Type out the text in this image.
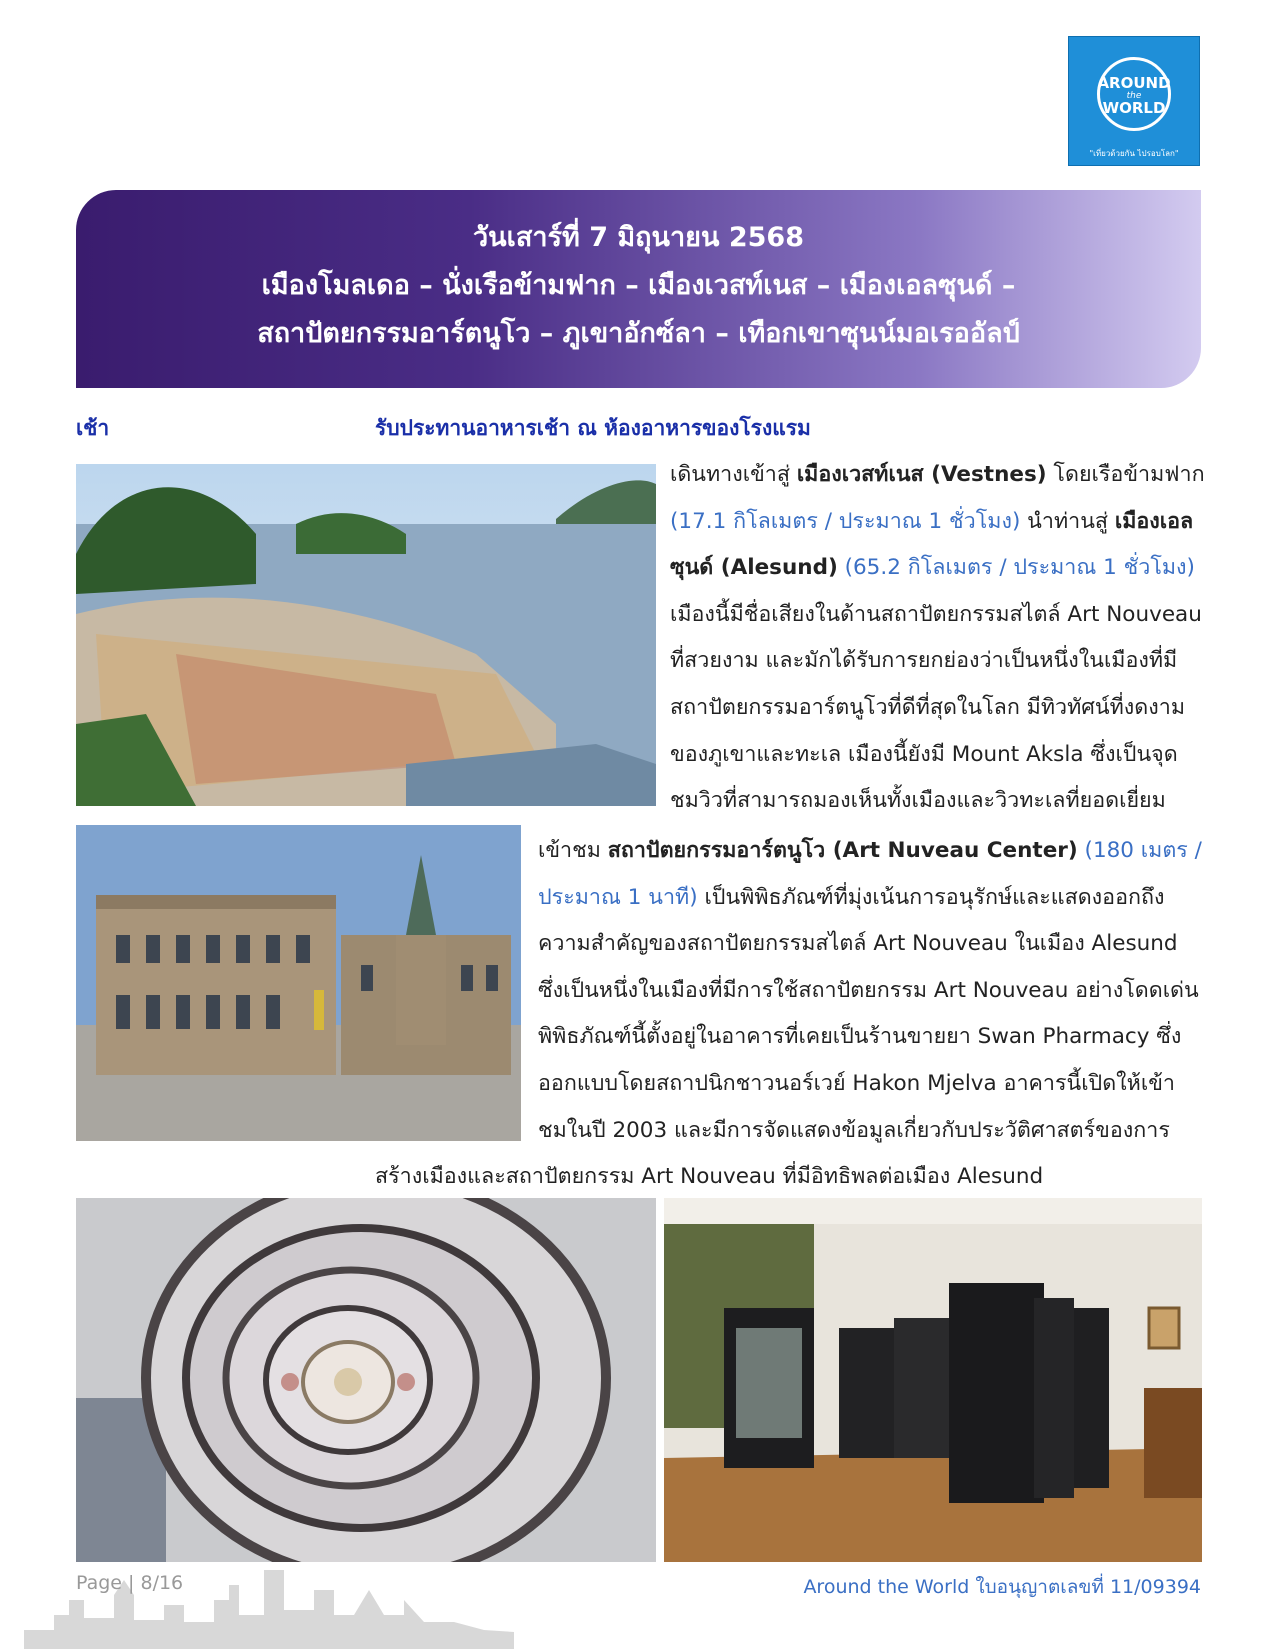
AROUND
the
WORLD
"เที่ยวด้วยกัน ไปรอบโลก"
วันเสาร์ที่ 7 มิถุนายน 2568
เมืองโมลเดอ – นั่งเรือข้ามฟาก – เมืองเวสท์เนส – เมืองเอลซุนด์ –
สถาปัตยกรรมอาร์ตนูโว – ภูเขาอักซ์ลา – เทือกเขาซุนน์มอเรออัลป์
เช้า	รับประทานอาหารเช้า ณ ห้องอาหารของโรงแรม
เดินทางเข้าสู่ เมืองเวสท์เนส (Vestnes) โดยเรือข้ามฟาก
(17.1 กิโลเมตร / ประมาณ 1 ชั่วโมง) นำท่านสู่ เมืองเอล
ซุนด์ (Alesund) (65.2 กิโลเมตร / ประมาณ 1 ชั่วโมง)
เมืองนี้มีชื่อเสียงในด้านสถาปัตยกรรมสไตล์ Art Nouveau
ที่สวยงาม และมักได้รับการยกย่องว่าเป็นหนึ่งในเมืองที่มี
สถาปัตยกรรมอาร์ตนูโวที่ดีที่สุดในโลก มีทิวทัศน์ที่งดงาม
ของภูเขาและทะเล เมืองนี้ยังมี Mount Aksla ซึ่งเป็นจุด
ชมวิวที่สามารถมองเห็นทั้งเมืองและวิวทะเลที่ยอดเยี่ยม
เข้าชม สถาปัตยกรรมอาร์ตนูโว (Art Nuveau Center) (180 เมตร /
ประมาณ 1 นาที) เป็นพิพิธภัณฑ์ที่มุ่งเน้นการอนุรักษ์และแสดงออกถึง
ความสำคัญของสถาปัตยกรรมสไตล์ Art Nouveau ในเมือง Alesund
ซึ่งเป็นหนึ่งในเมืองที่มีการใช้สถาปัตยกรรม Art Nouveau อย่างโดดเด่น
พิพิธภัณฑ์นี้ตั้งอยู่ในอาคารที่เคยเป็นร้านขายยา Swan Pharmacy ซึ่ง
ออกแบบโดยสถาปนิกชาวนอร์เวย์ Hakon Mjelva อาคารนี้เปิดให้เข้า
ชมในปี 2003 และมีการจัดแสดงข้อมูลเกี่ยวกับประวัติศาสตร์ของการ
สร้างเมืองและสถาปัตยกรรม Art Nouveau ที่มีอิทธิพลต่อเมือง Alesund
Page | 8/16	Around the World ใบอนุญาตเลขที่ 11/09394
